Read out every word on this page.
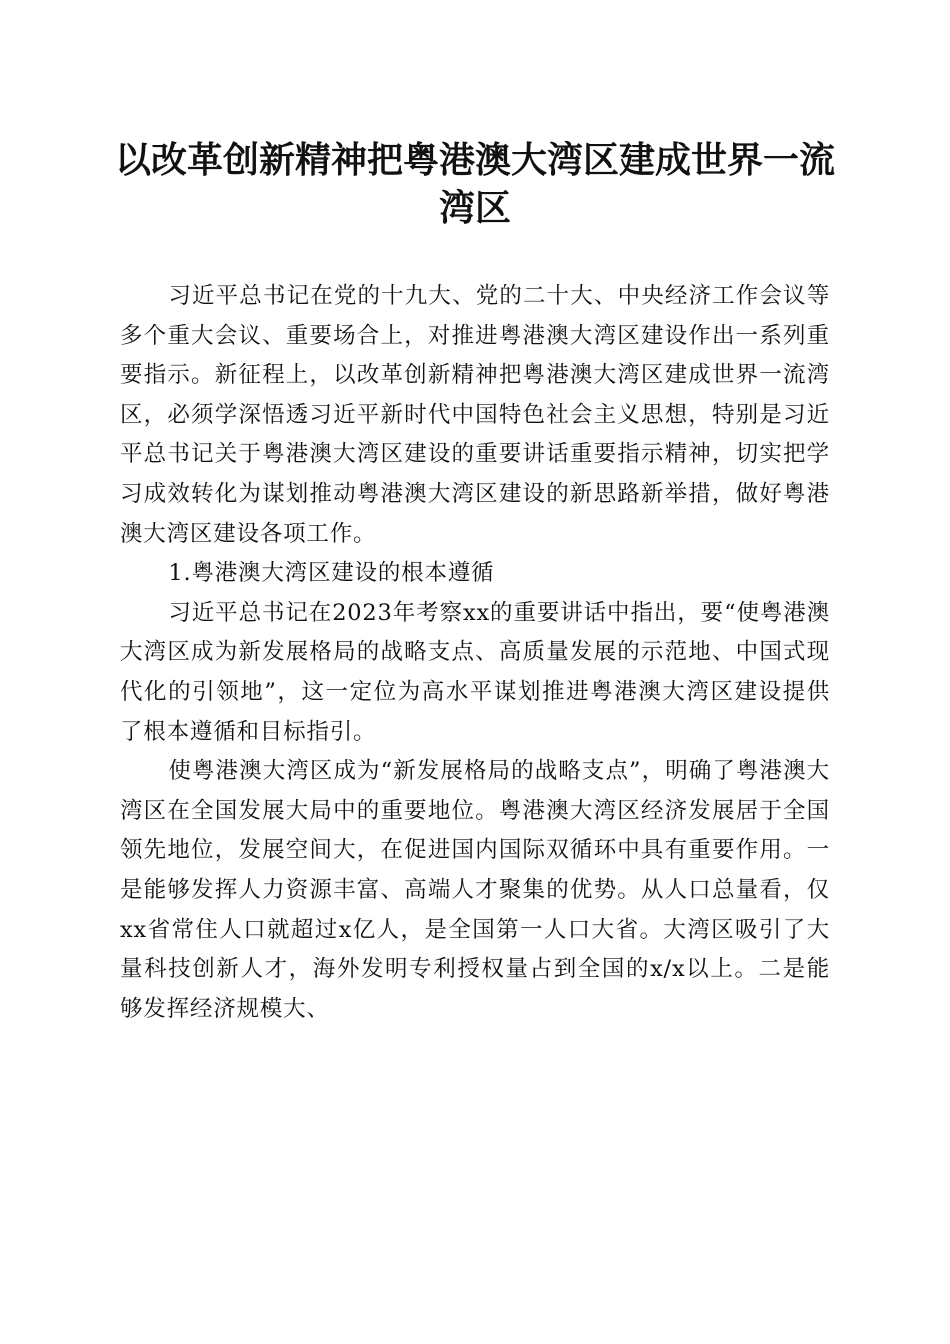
以改革创新精神把粤港澳大湾区建成世界一流湾区

习近平总书记在党的十九大、党的二十大、中央经济工作会议等多个重大会议、重要场合上，对推进粤港澳大湾区建设作出一系列重要指示。新征程上，以改革创新精神把粤港澳大湾区建成世界一流湾区，必须学深悟透习近平新时代中国特色社会主义思想，特别是习近平总书记关于粤港澳大湾区建设的重要讲话重要指示精神，切实把学习成效转化为谋划推动粤港澳大湾区建设的新思路新举措，做好粤港澳大湾区建设各项工作。

1.粤港澳大湾区建设的根本遵循

习近平总书记在2023年考察xx的重要讲话中指出，要“使粤港澳大湾区成为新发展格局的战略支点、高质量发展的示范地、中国式现代化的引领地”，这一定位为高水平谋划推进粤港澳大湾区建设提供了根本遵循和目标指引。

使粤港澳大湾区成为“新发展格局的战略支点”，明确了粤港澳大湾区在全国发展大局中的重要地位。粤港澳大湾区经济发展居于全国领先地位，发展空间大，在促进国内国际双循环中具有重要作用。一是能够发挥人力资源丰富、高端人才聚集的优势。从人口总量看，仅xx省常住人口就超过x亿人，是全国第一人口大省。大湾区吸引了大量科技创新人才，海外发明专利授权量占到全国的x/x以上。二是能够发挥经济规模大、
